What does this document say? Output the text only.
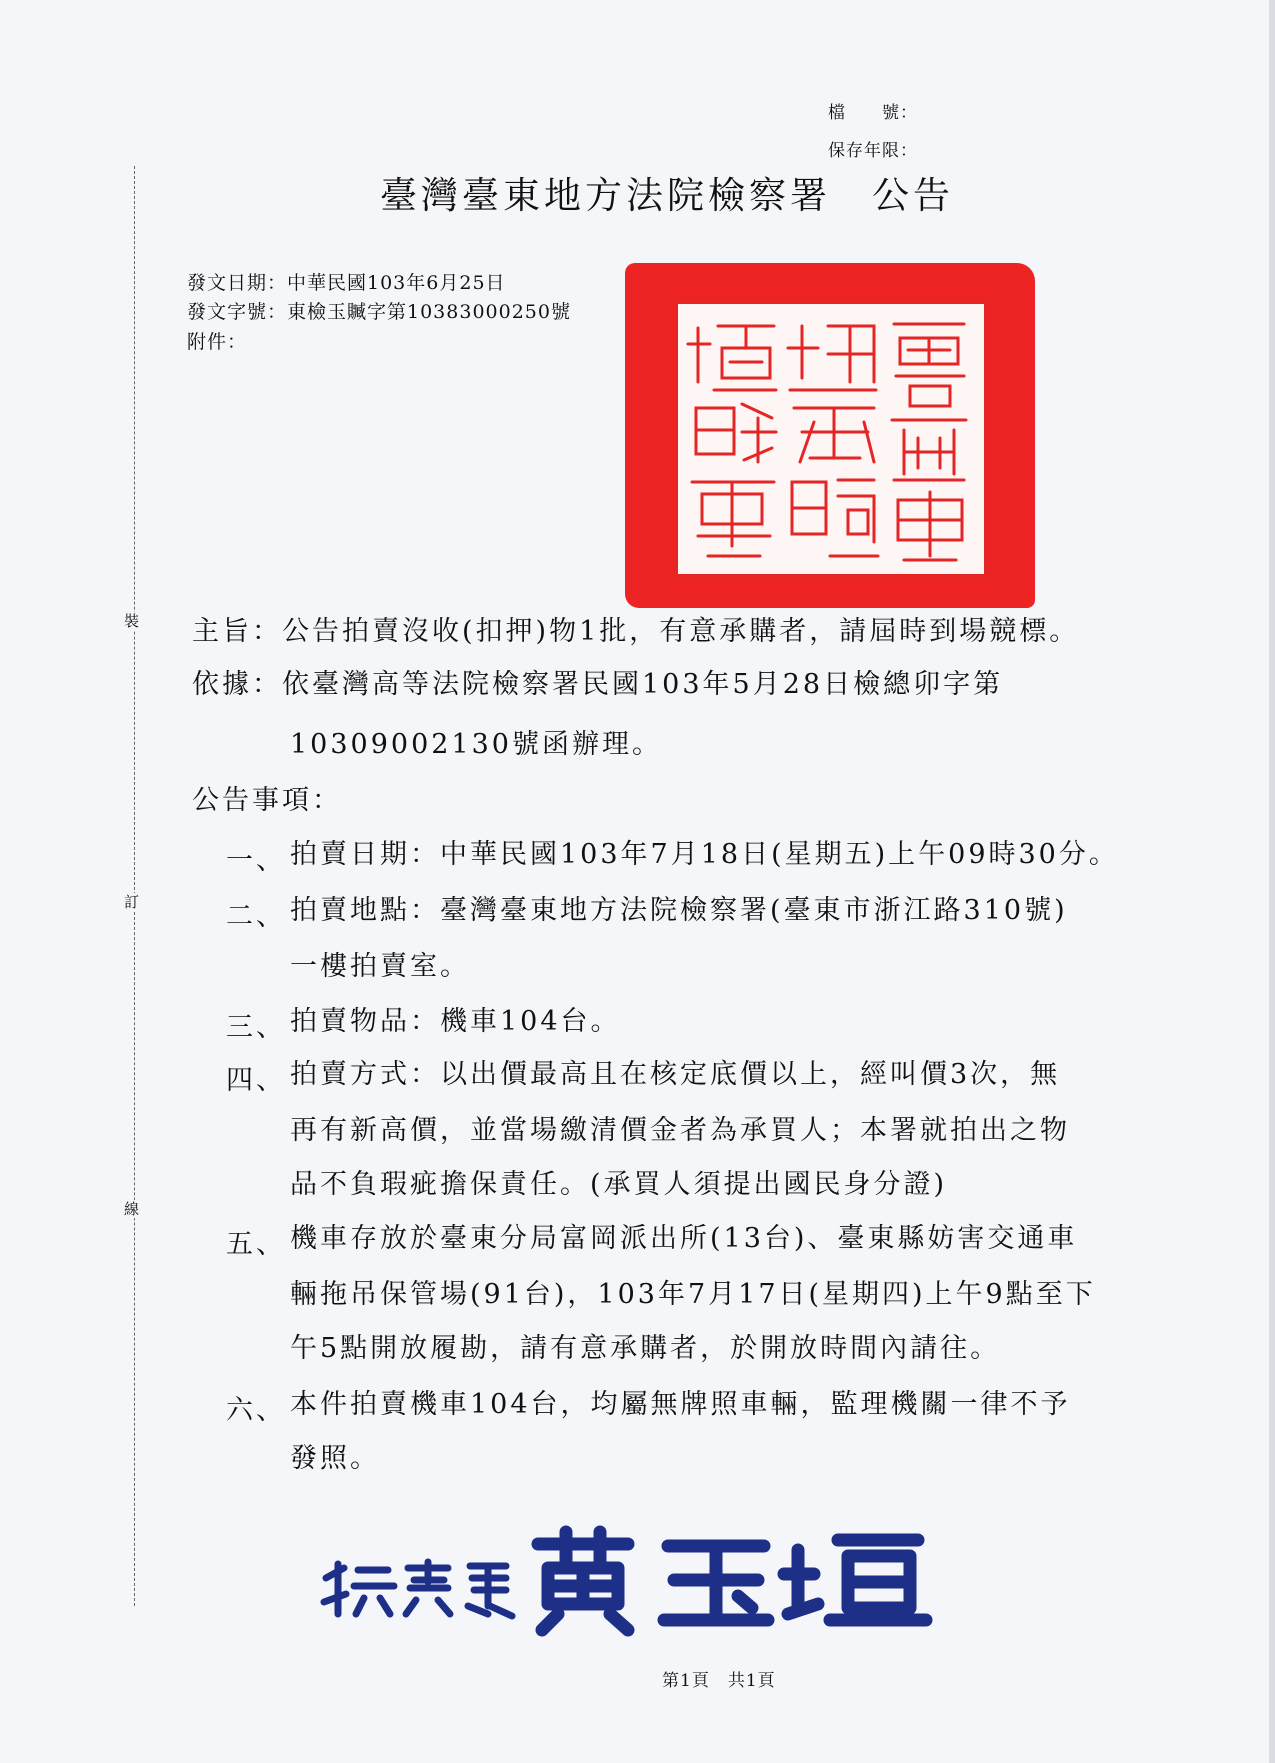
檔　　號：
保存年限：
臺灣臺東地方法院檢察署　公告
發文日期：中華民國103年6月25日
發文字號：東檢玉贓字第10383000250號
附件：
裝
訂
線
主旨：公告拍賣沒收(扣押)物1批，有意承購者，請屆時到場競標。
依據：依臺灣高等法院檢察署民國103年5月28日檢總卯字第
10309002130號函辦理。
公告事項：
一、 拍賣日期：中華民國103年7月18日(星期五)上午09時30分。
二、 拍賣地點：臺灣臺東地方法院檢察署(臺東市浙江路310號)
一樓拍賣室。
三、 拍賣物品：機車104台。
四、 拍賣方式：以出價最高且在核定底價以上，經叫價3次，無
再有新高價，並當場繳清價金者為承買人；本署就拍出之物
品不負瑕疵擔保責任。(承買人須提出國民身分證)
五、 機車存放於臺東分局富岡派出所(13台)、臺東縣妨害交通車
輛拖吊保管場(91台)，103年7月17日(星期四)上午9點至下
午5點開放履勘，請有意承購者，於開放時間內請往。
六、 本件拍賣機車104台，均屬無牌照車輛，監理機關一律不予
發照。
第1頁　共1頁
